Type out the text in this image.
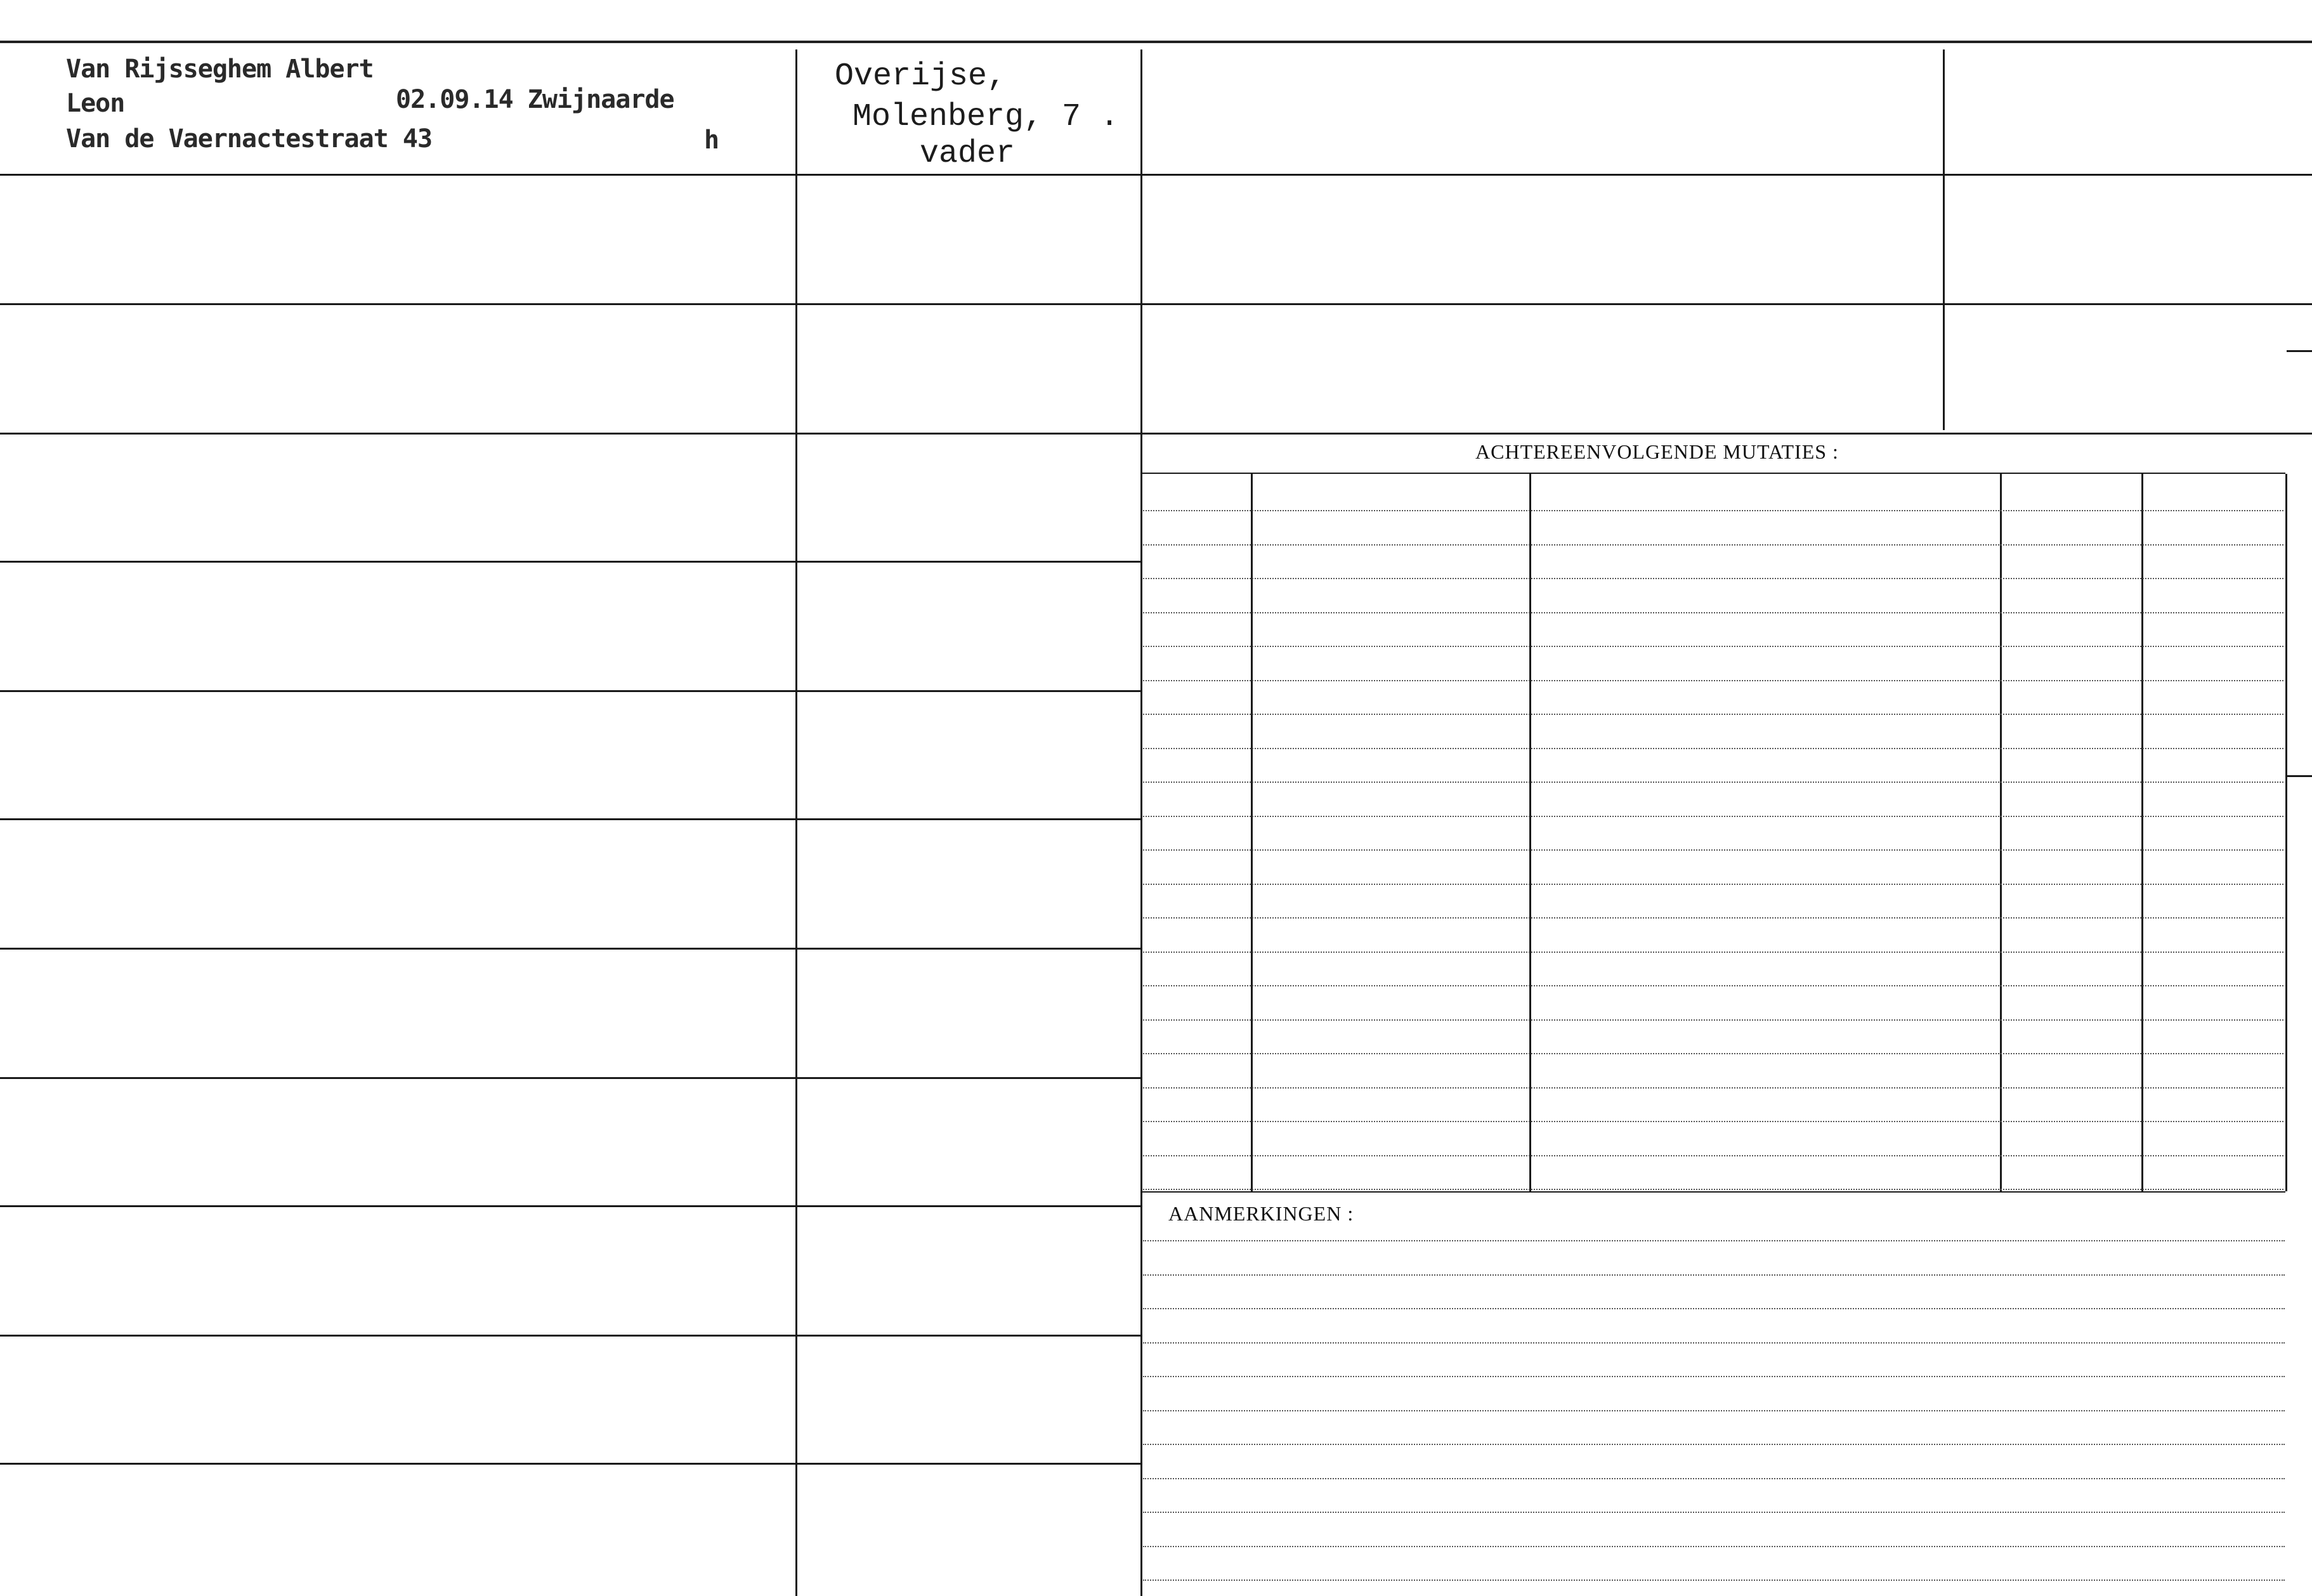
ACHTEREENVOLGENDE MUTATIES :
AANMERKINGEN :
Van Rijsseghem Albert
Leon	02.09.14 Zwijnaarde
Van de Vaernactestraat 43	h
Overijse,
Molenberg, 7 .
vader
